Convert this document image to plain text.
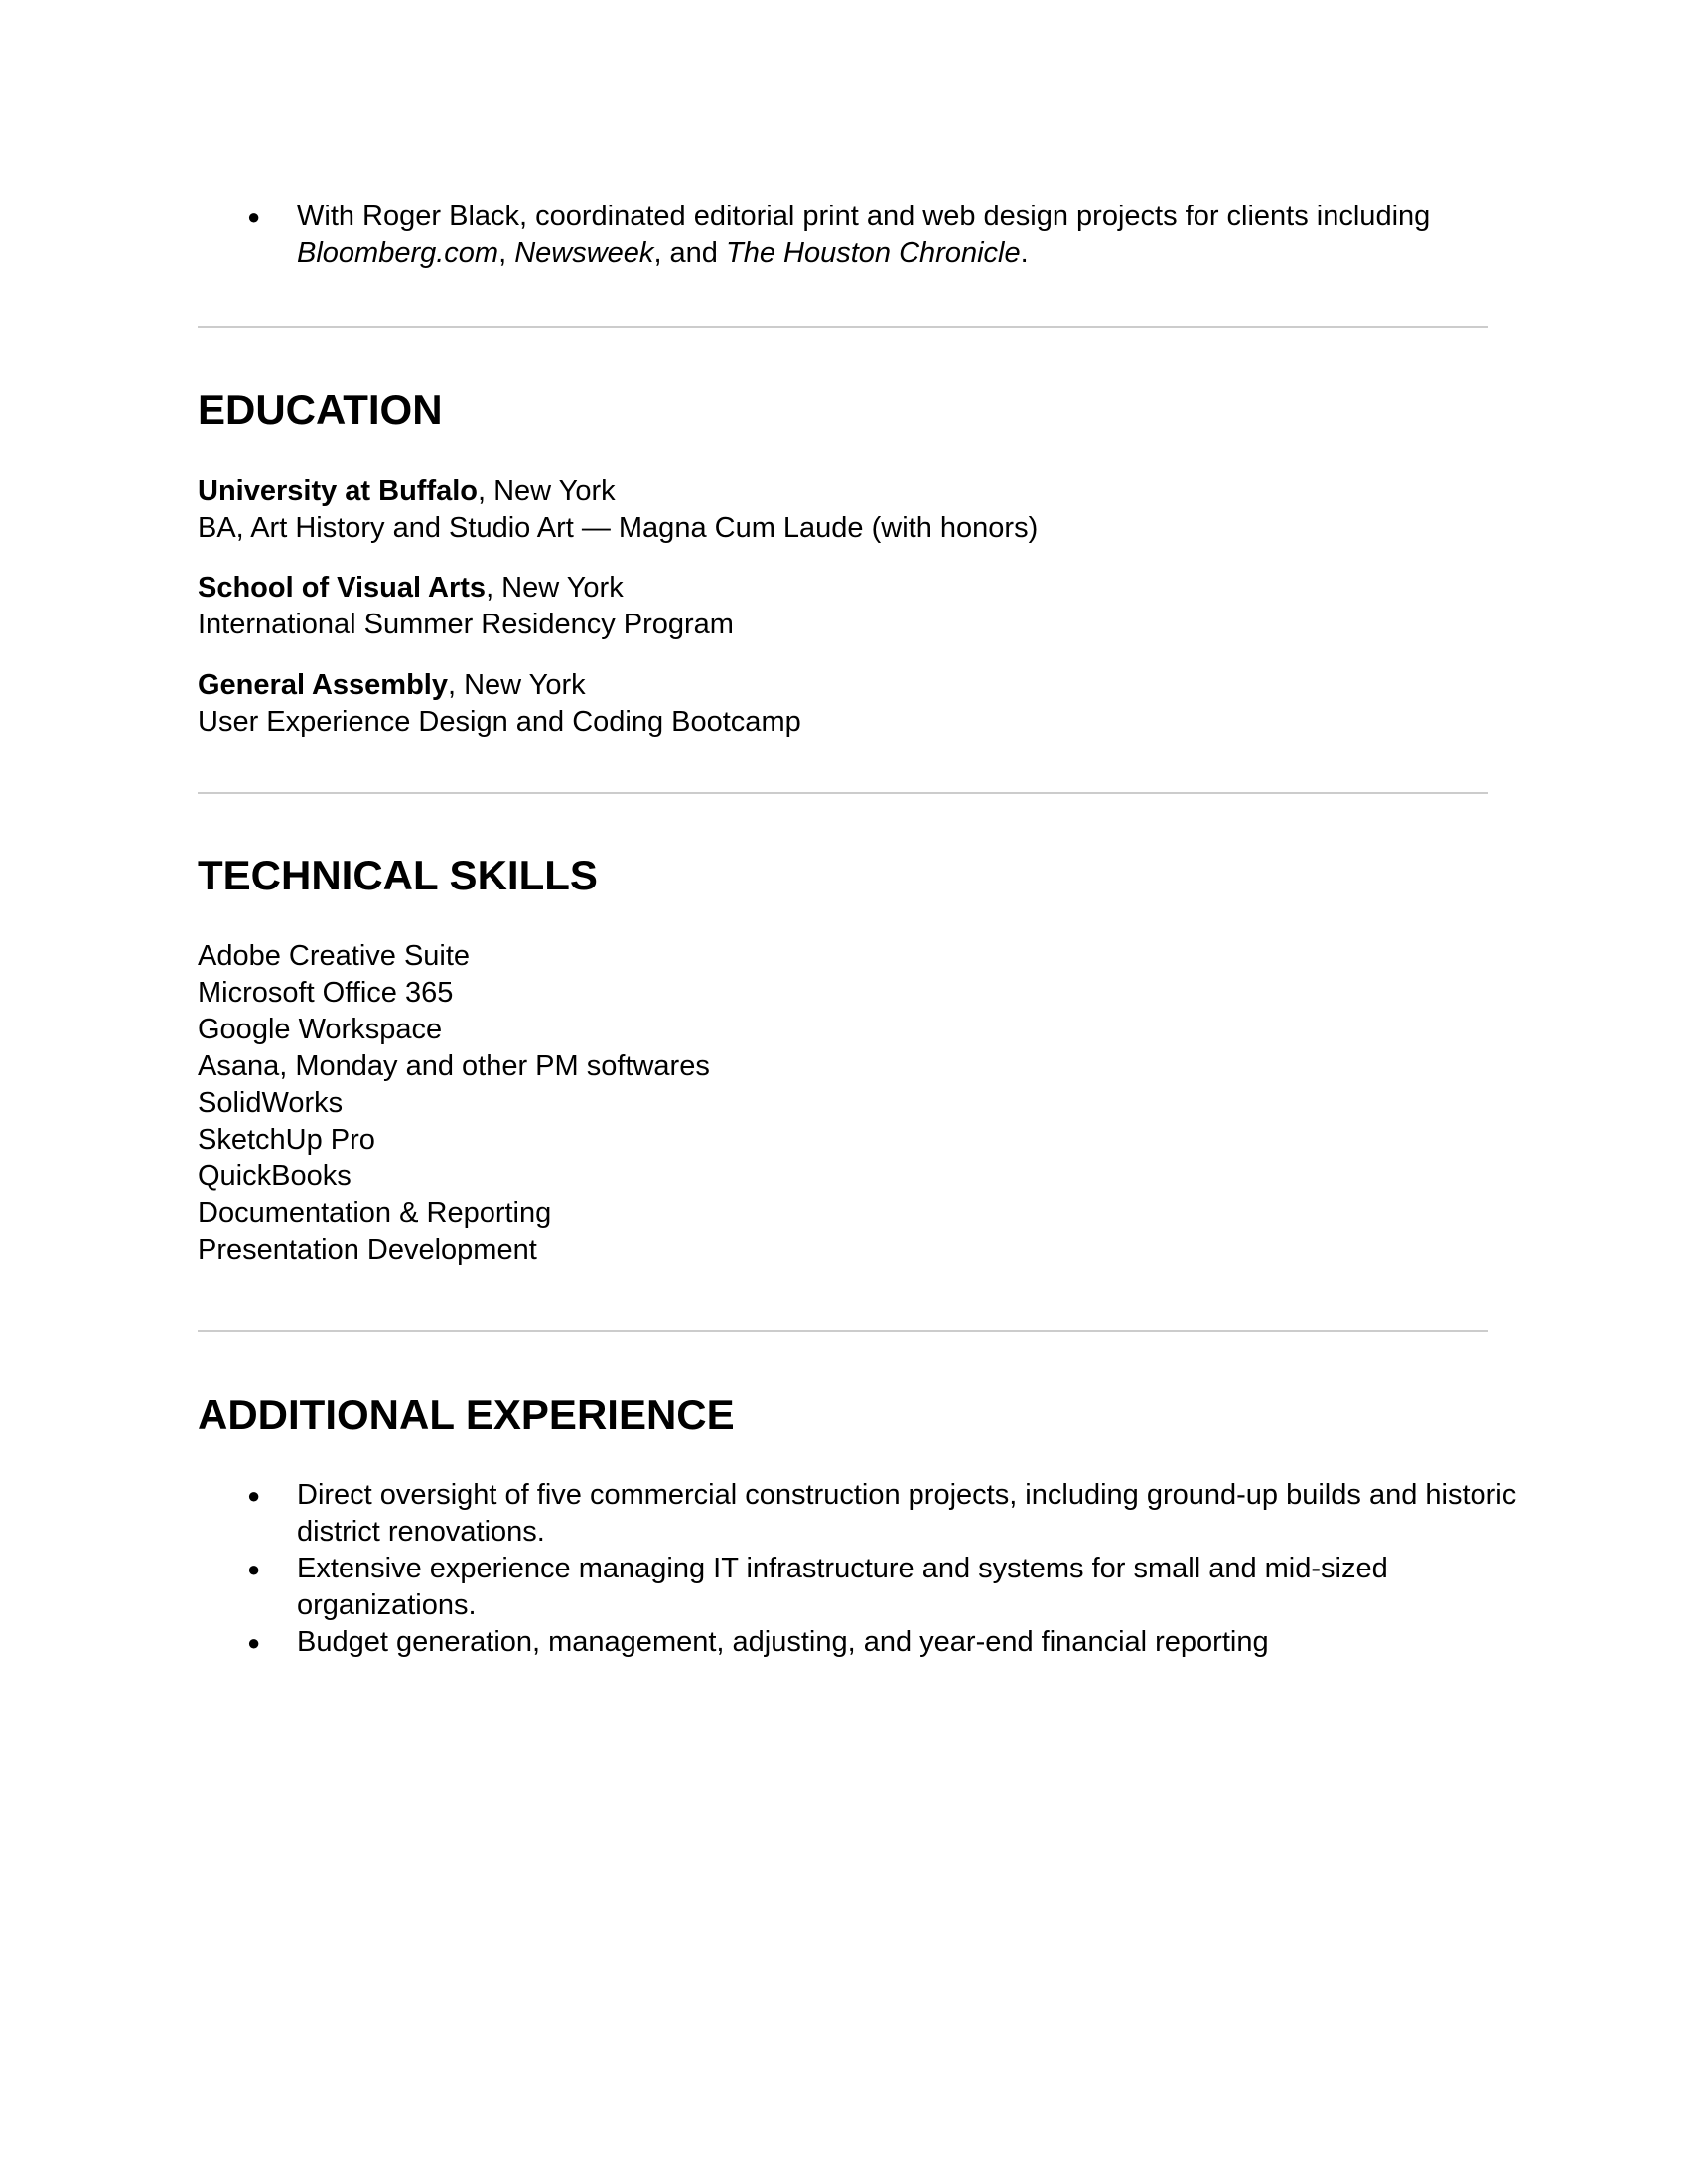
● With Roger Black, coordinated editorial print and web design projects for clients including
Bloomberg.com, Newsweek, and The Houston Chronicle.
EDUCATION
University at Buffalo, New York
BA, Art History and Studio Art — Magna Cum Laude (with honors)
School of Visual Arts, New York
International Summer Residency Program
General Assembly, New York
User Experience Design and Coding Bootcamp
TECHNICAL SKILLS
Adobe Creative Suite
Microsoft Office 365
Google Workspace
Asana, Monday and other PM softwares
SolidWorks
SketchUp Pro
QuickBooks
Documentation & Reporting
Presentation Development
ADDITIONAL EXPERIENCE
● Direct oversight of five commercial construction projects, including ground-up builds and historic
district renovations.
● Extensive experience managing IT infrastructure and systems for small and mid-sized
organizations.
● Budget generation, management, adjusting, and year-end financial reporting
